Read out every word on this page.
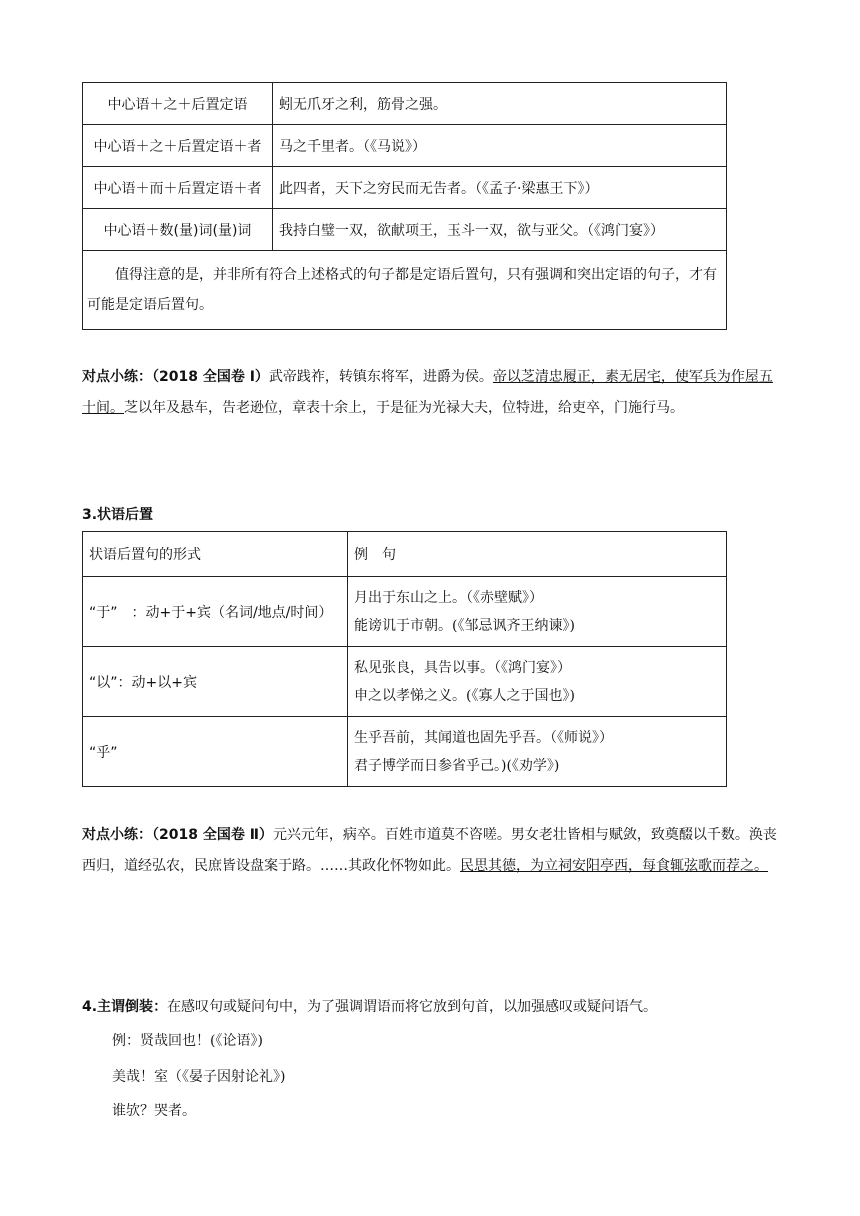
中心语＋之＋后置定语	蚓无爪牙之利，筋骨之强。
中心语＋之＋后置定语＋者	马之千里者。（《马说》）
中心语＋而＋后置定语＋者	此四者，天下之穷民而无告者。（《孟子·梁惠王下》）
中心语＋数(量)词(量)词	我持白璧一双，欲献项王，玉斗一双，欲与亚父。（《鸿门宴》）
值得注意的是，并非所有符合上述格式的句子都是定语后置句，只有强调和突出定语的句子，才有可能是定语后置句。	
对点小练：（2018 全国卷 Ⅰ）武帝践祚，转镇东将军，进爵为侯。帝以芝清忠履正，素无居宅，使军兵为作屋五十间。芝以年及悬车，告老逊位，章表十余上，于是征为光禄大夫，位特进，给吏卒，门施行马。
3.状语后置
状语后置句的形式	例　句
“于”　：动+于+宾（名词/地点/时间）	月出于东山之上。（《赤壁赋》）
能谤讥于市朝。(《邹忌讽齐王纳谏》)

“以”：动+以+宾	私见张良，具告以事。（《鸿门宴》）
申之以孝悌之义。(《寡人之于国也》)

“乎”	生乎吾前，其闻道也固先乎吾。（《师说》）
君子博学而日参省乎己。)(《劝学》)
对点小练：（2018 全国卷 Ⅱ）元兴元年，病卒。百姓市道莫不咨嗟。男女老壮皆相与赋敛，致奠醊以千数。涣丧西归，道经弘农，民庶皆设盘案于路。……其政化怀物如此。民思其德，为立祠安阳亭西，每食辄弦歌而荐之。
4.主谓倒装：在感叹句或疑问句中，为了强调谓语而将它放到句首，以加强感叹或疑问语气。
例：贤哉回也！(《论语》)
美哉！室（《晏子因射论礼》)
谁欤？哭者。
